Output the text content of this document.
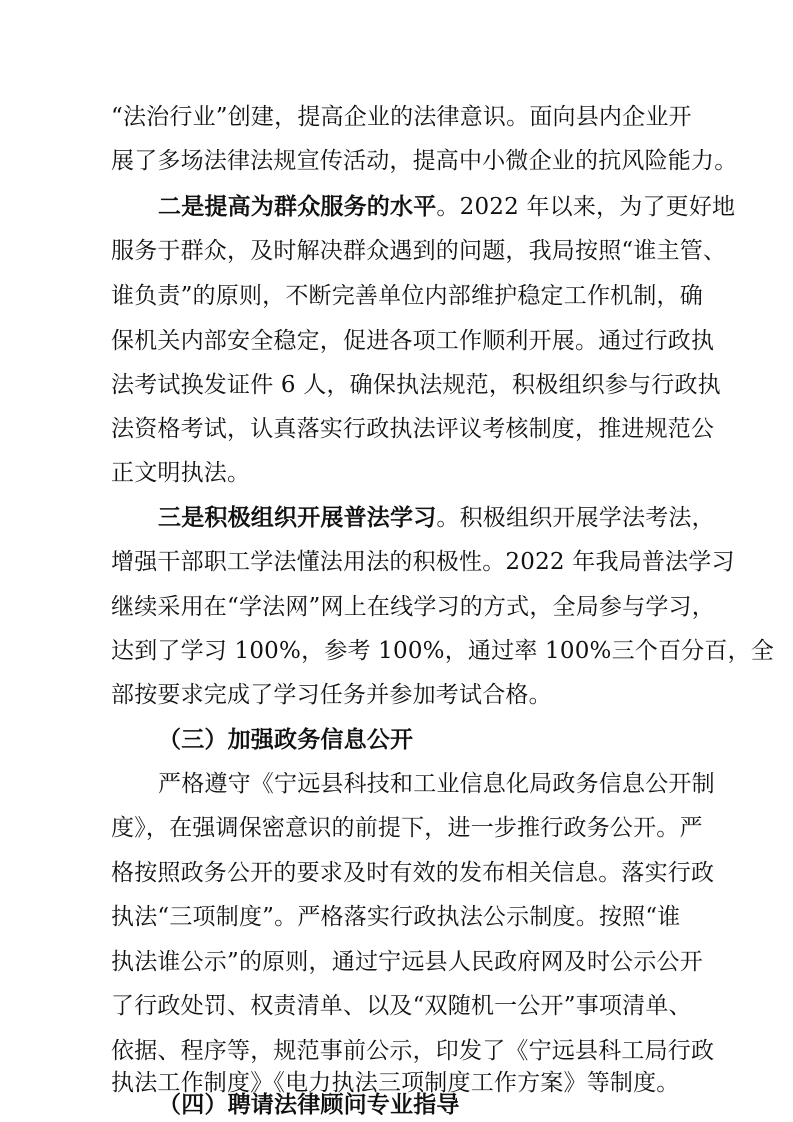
“法治行业”创建，提高企业的法律意识。面向县内企业开
展了多场法律法规宣传活动，提高中小微企业的抗风险能力。
二是提高为群众服务的水平。2022 年以来，为了更好地
服务于群众，及时解决群众遇到的问题，我局按照“谁主管、
谁负责”的原则，不断完善单位内部维护稳定工作机制，确
保机关内部安全稳定，促进各项工作顺利开展。通过行政执
法考试换发证件 6 人，确保执法规范，积极组织参与行政执
法资格考试，认真落实行政执法评议考核制度，推进规范公
正文明执法。
三是积极组织开展普法学习。积极组织开展学法考法，
增强干部职工学法懂法用法的积极性。2022 年我局普法学习
继续采用在“学法网”网上在线学习的方式，全局参与学习，
达到了学习 100%，参考 100%，通过率 100%三个百分百，全
部按要求完成了学习任务并参加考试合格。
（三）加强政务信息公开
严格遵守《宁远县科技和工业信息化局政务信息公开制
度》，在强调保密意识的前提下，进一步推行政务公开。严
格按照政务公开的要求及时有效的发布相关信息。落实行政
执法“三项制度”。严格落实行政执法公示制度。按照“谁
执法谁公示”的原则，通过宁远县人民政府网及时公示公开
了行政处罚、权责清单、以及“双随机一公开”事项清单、
依据、程序等，规范事前公示，印发了《宁远县科工局行政
执法工作制度》《电力执法三项制度工作方案》等制度。
（四）聘请法律顾问专业指导
